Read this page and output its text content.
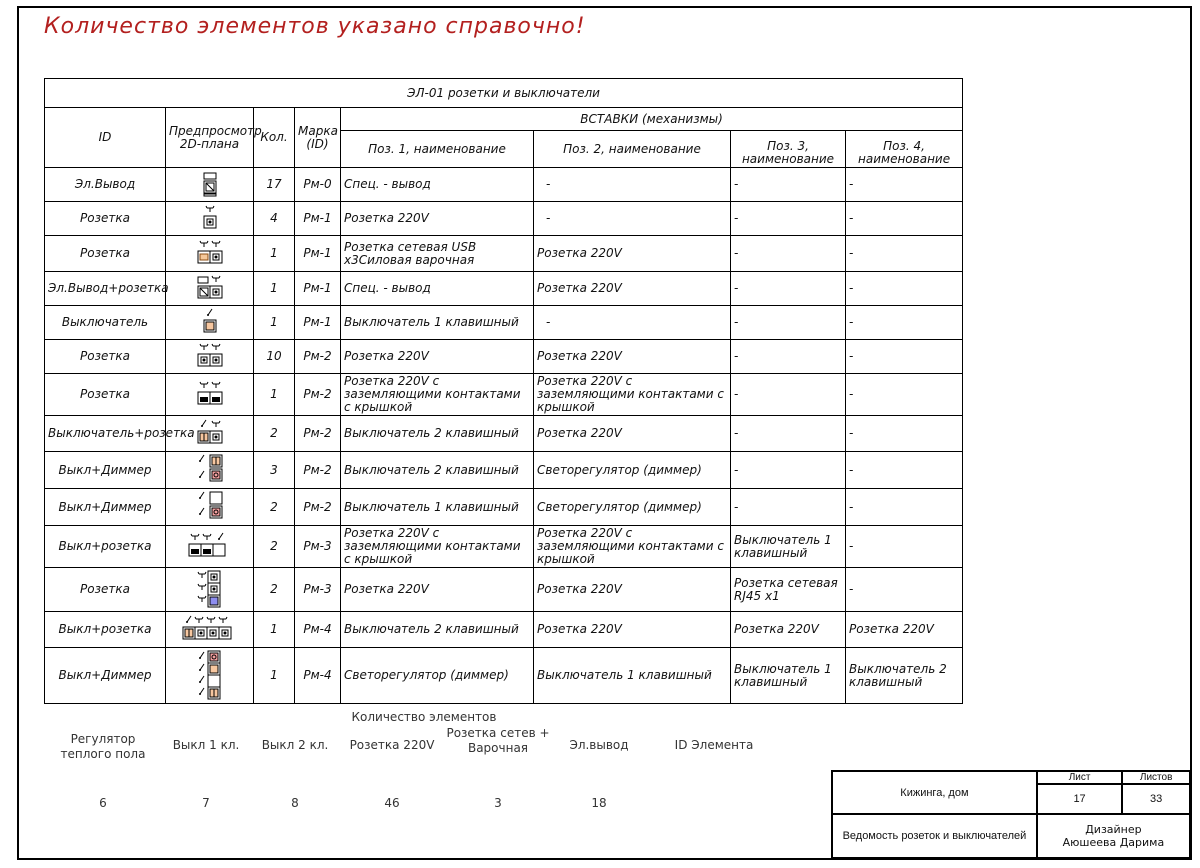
Количество элементов указано справочно!
ЭЛ-01 розетки и выключатели							
ID	Предпросмотр 2D-плана	Кол.	Марка (ID)	ВСТАВКИ (механизмы)			
				Поз. 1, наименование	Поз. 2, наименование	Поз. 3, наименование	Поз. 4, наименование
Эл.Вывод		17	Рм-0	Спец. - вывод	-	-	-
Розетка		4	Рм-1	Розетка 220V	-	-	-
Розетка		1	Рм-1	Розетка сетевая USB х3Силовая варочная	Розетка 220V	-	-
Эл.Вывод+розетка		1	Рм-1	Спец. - вывод	Розетка 220V	-	-
Выключатель		1	Рм-1	Выключатель 1 клавишный	-	-	-
Розетка		10	Рм-2	Розетка 220V	Розетка 220V	-	-
Розетка		1	Рм-2	Розетка 220V с заземляющими контактами с крышкой	Розетка 220V с заземляющими контактами с крышкой	-	-
Выключатель+розетка		2	Рм-2	Выключатель 2 клавишный	Розетка 220V	-	-
Выкл+Диммер		3	Рм-2	Выключатель 2 клавишный	Светорегулятор (диммер)	-	-
Выкл+Диммер		2	Рм-2	Выключатель 1 клавишный	Светорегулятор (диммер)	-	-
Выкл+розетка		2	Рм-3	Розетка 220V с заземляющими контактами с крышкой	Розетка 220V с заземляющими контактами с крышкой	Выключатель 1 клавишный	-
Розетка		2	Рм-3	Розетка 220V	Розетка 220V	Розетка сетевая RJ45 х1	-
Выкл+розетка		1	Рм-4	Выключатель 2 клавишный	Розетка 220V	Розетка 220V	Розетка 220V
Выкл+Диммер		1	Рм-4	Светорегулятор (диммер)	Выключатель 1 клавишный	Выключатель 1 клавишный	Выключатель 2 клавишный
Количество элементов
Регулятор теплого пола
Выкл 1 кл.	Выкл 2 кл.	Розетка 220V
Розетка сетев + Варочная	Эл.вывод	ID Элемента
6	7	8	46	3	18
Кижинга, дом	Лист	Листов
	17	33
Ведомость розеток и выключателей	Дизайнер
Аюшеева Дарима	
